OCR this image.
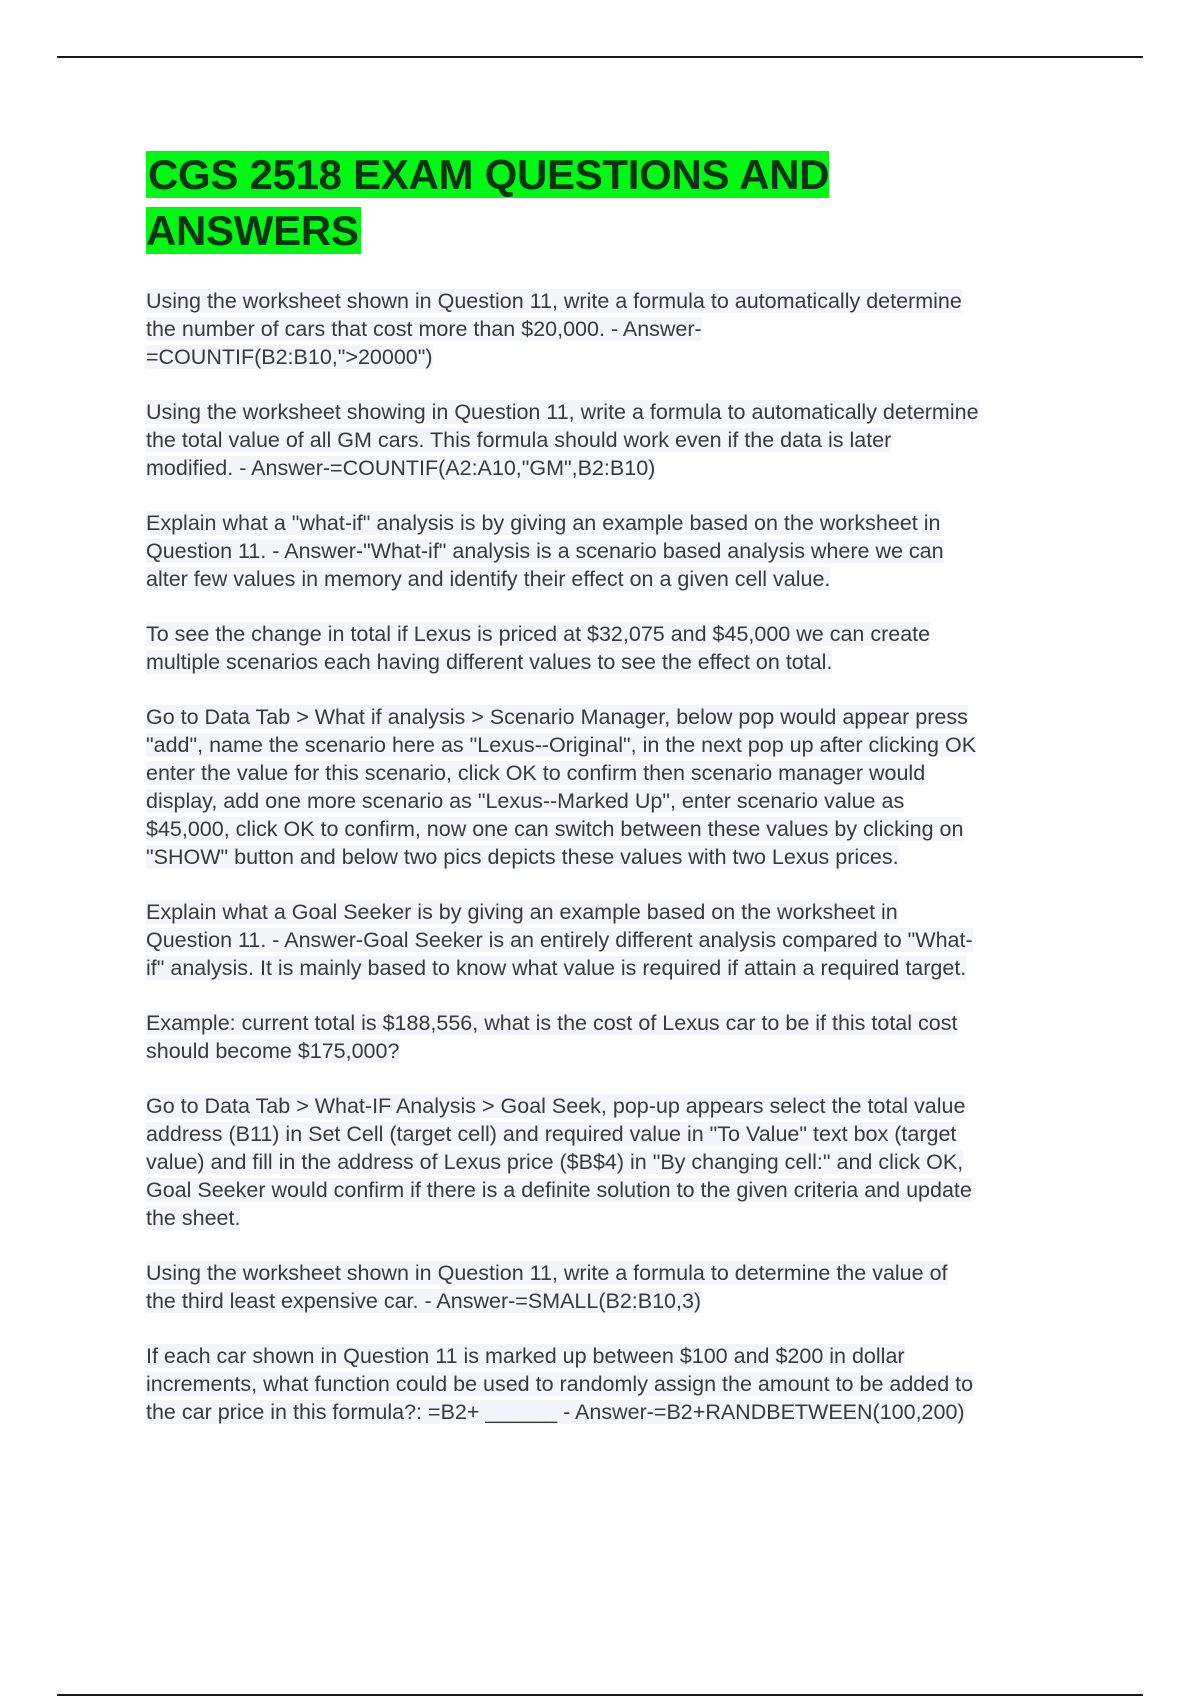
CGS 2518 EXAM QUESTIONS AND
ANSWERS

Using the worksheet shown in Question 11, write a formula to automatically determine
the number of cars that cost more than $20,000. - Answer-
=COUNTIF(B2:B10,">20000")

Using the worksheet showing in Question 11, write a formula to automatically determine
the total value of all GM cars. This formula should work even if the data is later
modified. - Answer-=COUNTIF(A2:A10,"GM",B2:B10)

Explain what a "what-if" analysis is by giving an example based on the worksheet in
Question 11. - Answer-"What-if" analysis is a scenario based analysis where we can
alter few values in memory and identify their effect on a given cell value.

To see the change in total if Lexus is priced at $32,075 and $45,000 we can create
multiple scenarios each having different values to see the effect on total.

Go to Data Tab > What if analysis > Scenario Manager, below pop would appear press
"add", name the scenario here as "Lexus--Original", in the next pop up after clicking OK
enter the value for this scenario, click OK to confirm then scenario manager would
display, add one more scenario as "Lexus--Marked Up", enter scenario value as
$45,000, click OK to confirm, now one can switch between these values by clicking on
"SHOW" button and below two pics depicts these values with two Lexus prices.

Explain what a Goal Seeker is by giving an example based on the worksheet in
Question 11. - Answer-Goal Seeker is an entirely different analysis compared to "What-
if" analysis. It is mainly based to know what value is required if attain a required target.

Example: current total is $188,556, what is the cost of Lexus car to be if this total cost
should become $175,000?

Go to Data Tab > What-IF Analysis > Goal Seek, pop-up appears select the total value
address (B11) in Set Cell (target cell) and required value in "To Value" text box (target
value) and fill in the address of Lexus price ($B$4) in "By changing cell:" and click OK,
Goal Seeker would confirm if there is a definite solution to the given criteria and update
the sheet.

Using the worksheet shown in Question 11, write a formula to determine the value of
the third least expensive car. - Answer-=SMALL(B2:B10,3)

If each car shown in Question 11 is marked up between $100 and $200 in dollar
increments, what function could be used to randomly assign the amount to be added to
the car price in this formula?: =B2+ ______ - Answer-=B2+RANDBETWEEN(100,200)
